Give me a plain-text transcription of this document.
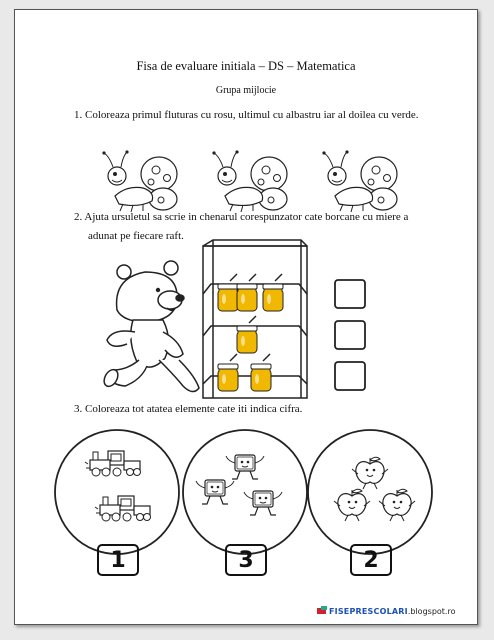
Fisa de evaluare initiala – DS – Matematica
Grupa mijlocie
1. Coloreaza primul fluturas cu rosu, ultimul cu albastru iar al doilea cu verde.
2. Ajuta ursuletul sa scrie in chenarul corespunzator cate borcane cu miere a
adunat pe fiecare raft.
3. Coloreaza tot atatea elemente cate iti indica cifra.
1	3	2
FISEPRESCOLARI.blogspot.ro
